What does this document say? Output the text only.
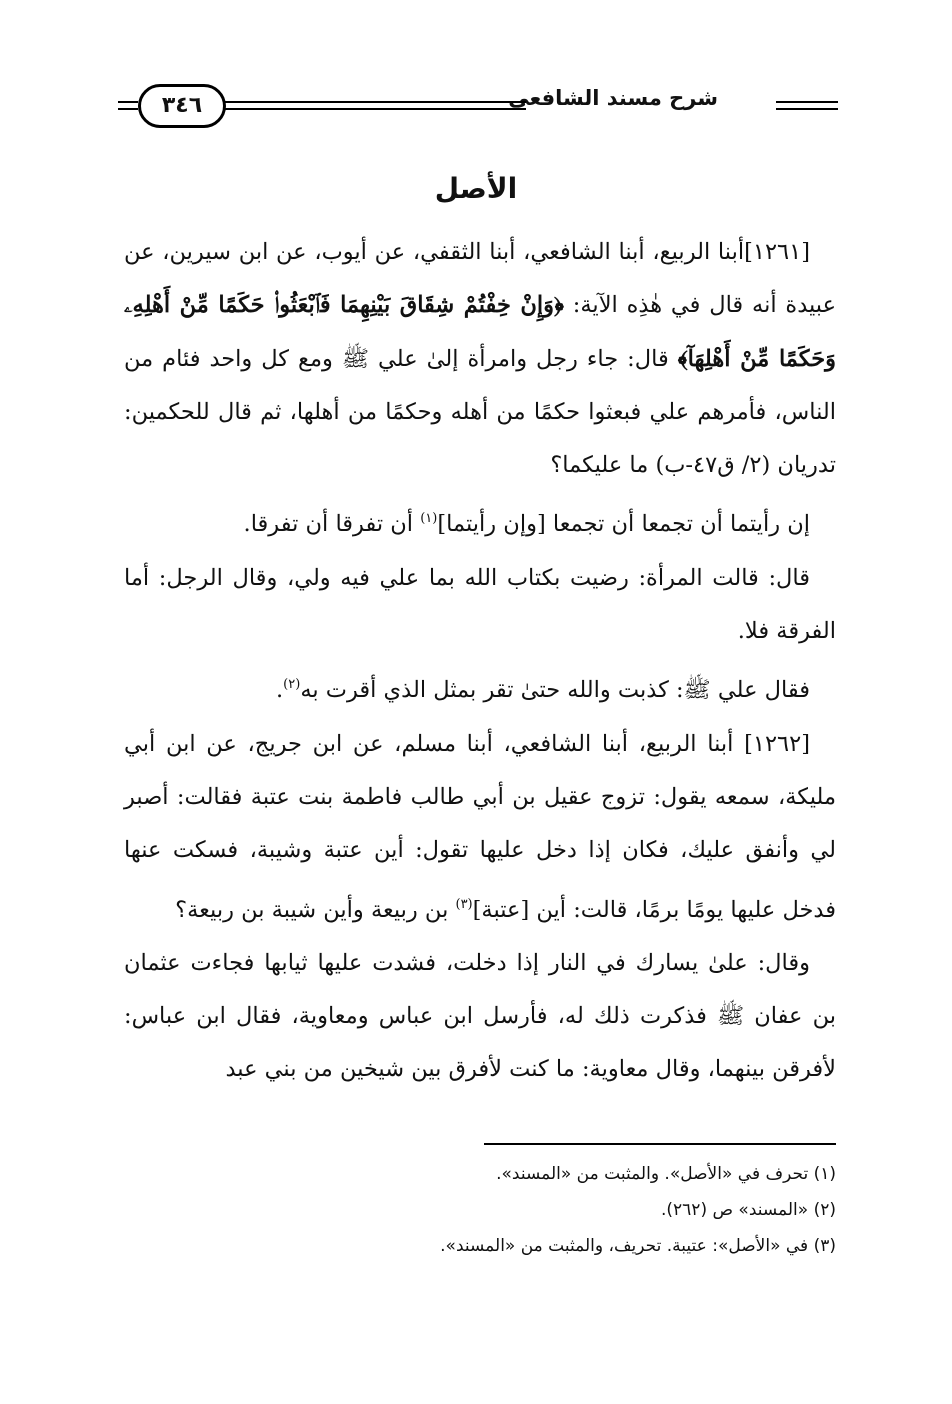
شرح مسند الشافعي
٣٤٦
الأصل

[١٢٦١]أبنا الربيع، أبنا الشافعي، أبنا الثقفي، عن أيوب، عن ابن سيرين، عن عبيدة أنه قال في هٰذِه الآية: ﴿وَإِنْ خِفْتُمْ شِقَاقَ بَيْنِهِمَا فَٱبْعَثُوا۟ حَكَمًا مِّنْ أَهْلِهِۦ وَحَكَمًا مِّنْ أَهْلِهَآ﴾ قال: جاء رجل وامرأة إلىٰ علي ﷺ ومع كل واحد فئام من الناس، فأمرهم علي فبعثوا حكمًا من أهله وحكمًا من أهلها، ثم قال للحكمين: تدريان (٢/ ق٤٧-ب) ما عليكما؟

إن رأيتما أن تجمعا أن تجمعا [وإن رأيتما]$^{(١)}$ أن تفرقا أن تفرقا.

قال: قالت المرأة: رضيت بكتاب الله بما علي فيه ولي، وقال الرجل: أما الفرقة فلا.

فقال علي ﷺ: كذبت والله حتىٰ تقر بمثل الذي أقرت به$^{(٢)}$.

[١٢٦٢] أبنا الربيع، أبنا الشافعي، أبنا مسلم، عن ابن جريج، عن ابن أبي مليكة، سمعه يقول: تزوج عقيل بن أبي طالب فاطمة بنت عتبة فقالت: أصبر لي وأنفق عليك، فكان إذا دخل عليها تقول: أين عتبة وشيبة، فسكت عنها فدخل عليها يومًا برمًا، قالت: أين [عتبة]$^{(٣)}$ بن ربيعة وأين شيبة بن ربيعة؟

وقال: علىٰ يسارك في النار إذا دخلت، فشدت عليها ثيابها فجاءت عثمان بن عفان ﷺ فذكرت ذلك له، فأرسل ابن عباس ومعاوية، فقال ابن عباس: لأفرقن بينهما، وقال معاوية: ما كنت لأفرق بين شيخين من بني عبد

(١) تحرف في «الأصل». والمثبت من «المسند».

(٢) «المسند» ص (٢٦٢).

(٣) في «الأصل»: عتيبة. تحريف، والمثبت من «المسند».
